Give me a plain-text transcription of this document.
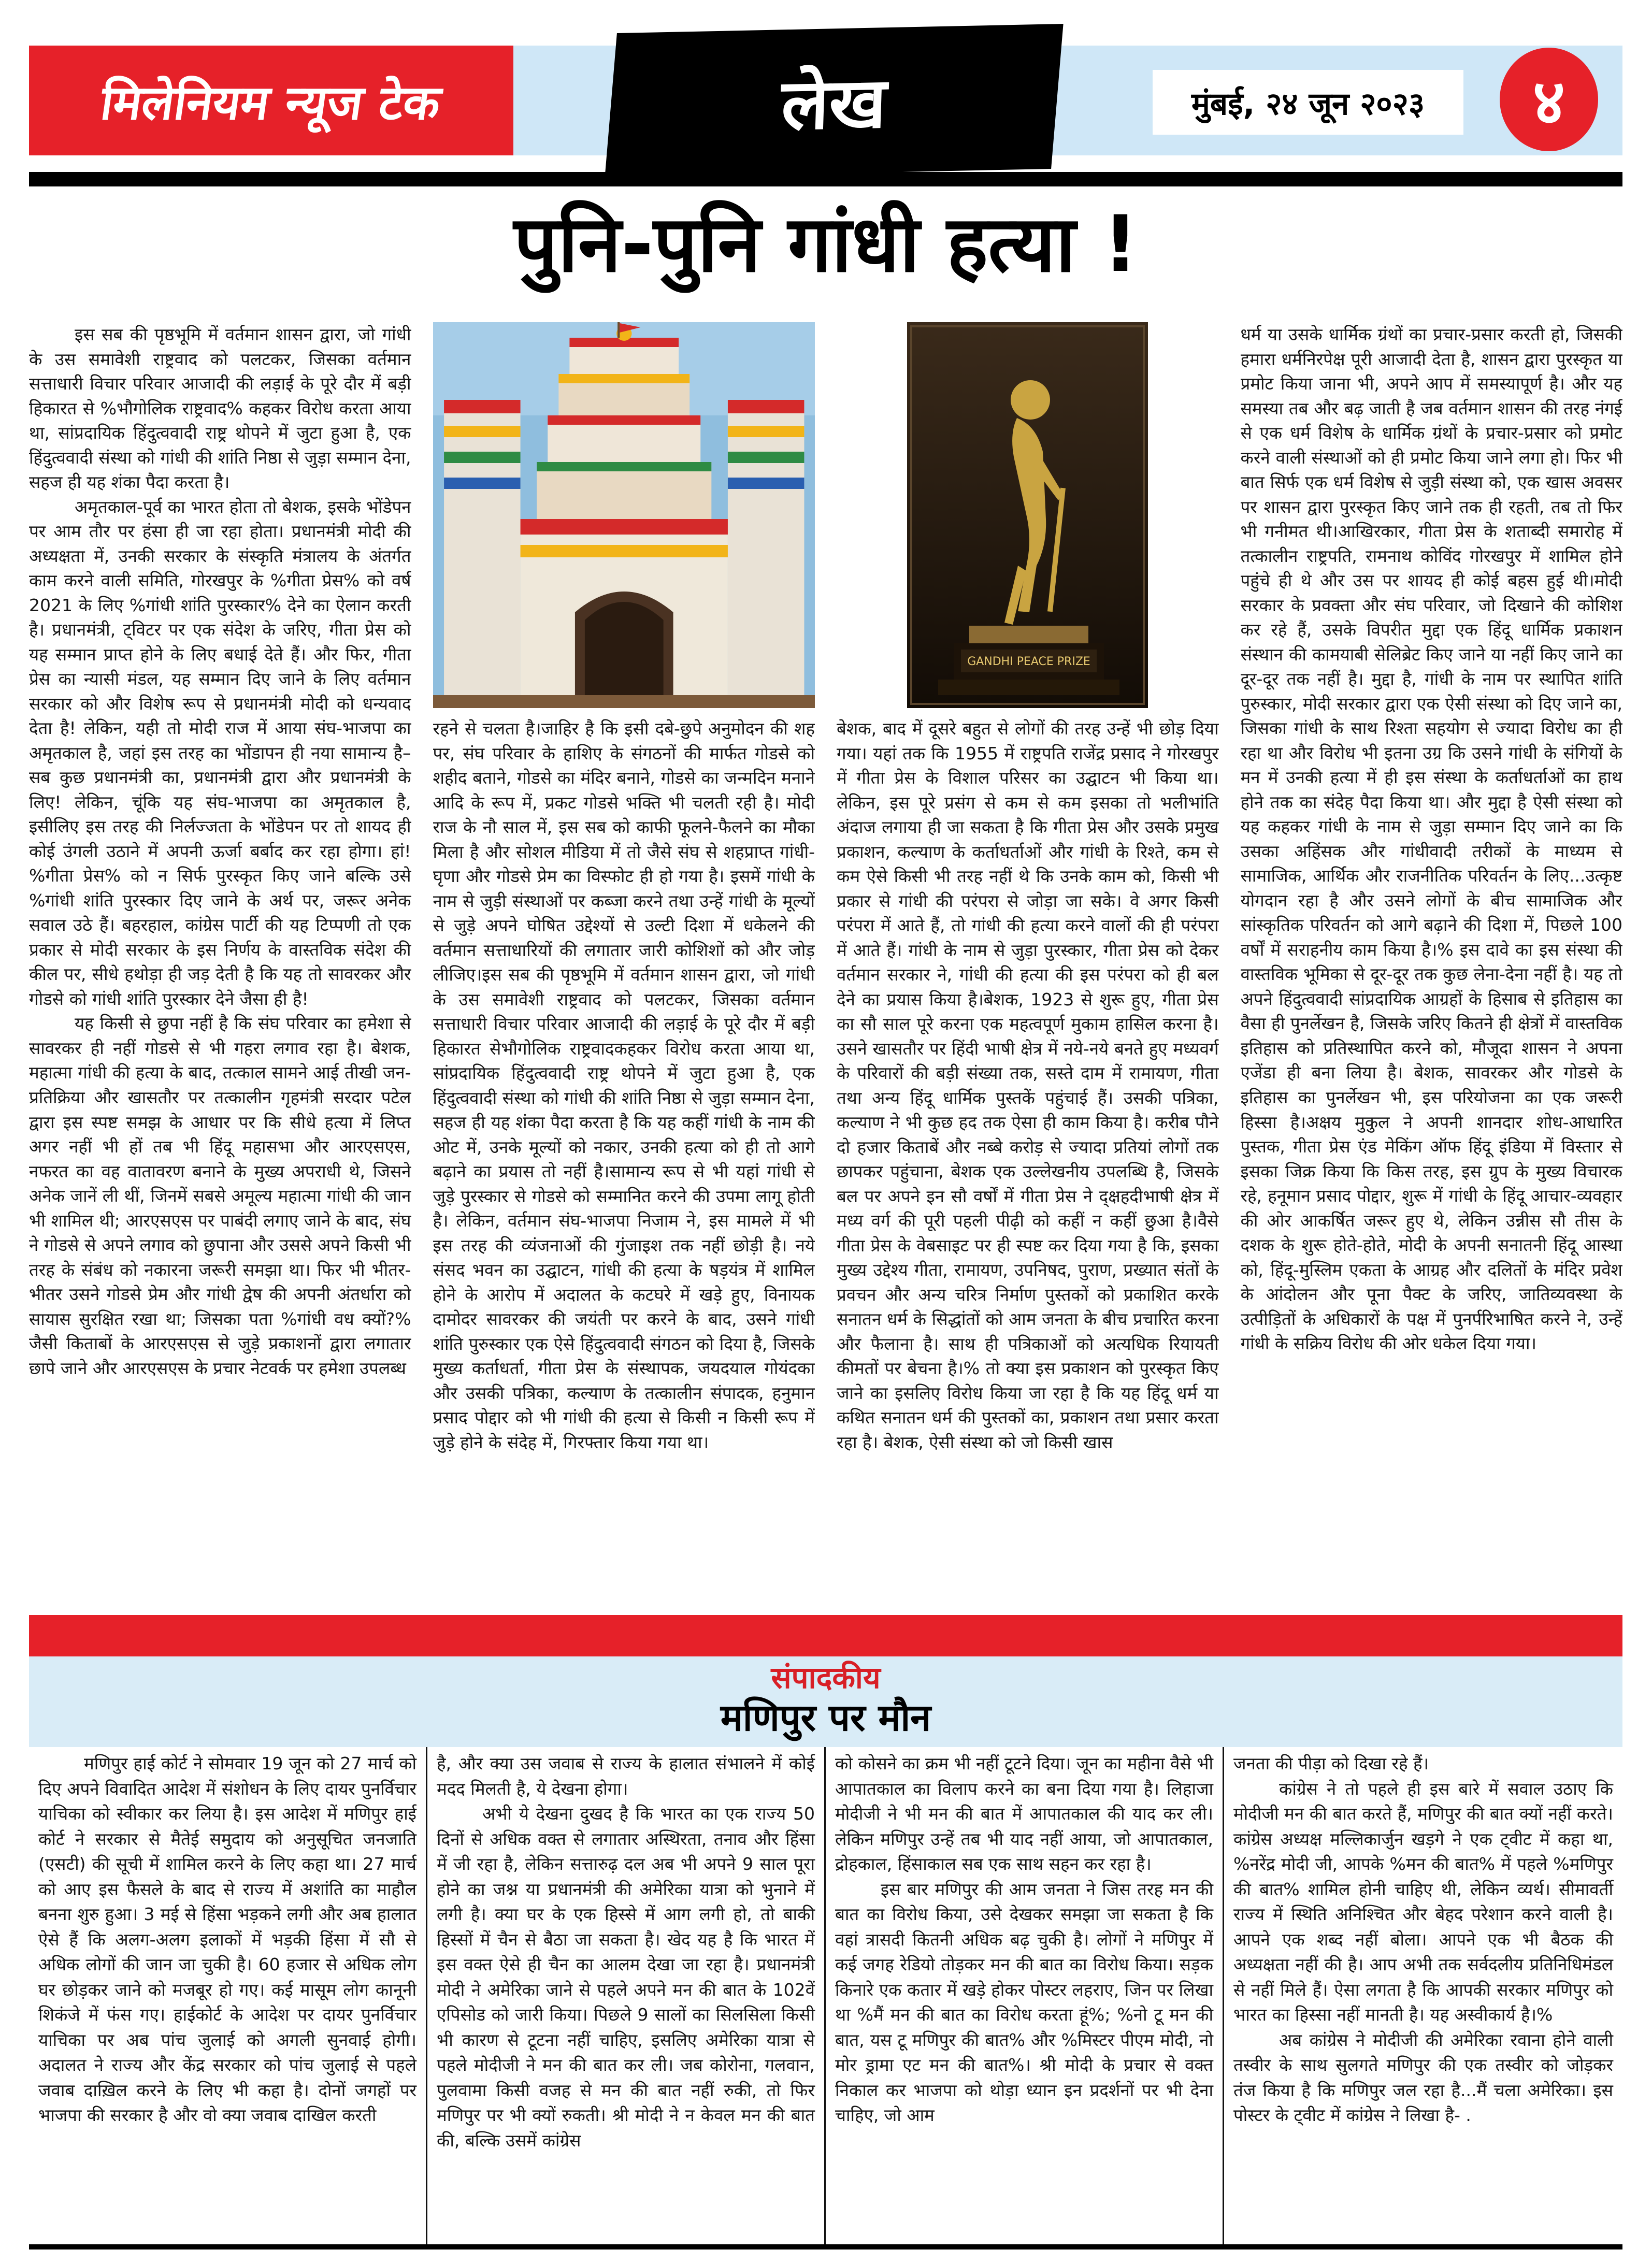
मिलेनियम न्यूज टेक	लेख	मुंबई, २४ जून २०२३ ४
पुनि-पुनि गांधी हत्या !

इस सब की पृष्ठभूमि में वर्तमान शासन द्वारा, जो गांधी के उस समावेशी राष्ट्रवाद को पलटकर, जिसका वर्तमान सत्ताधारी विचार परिवार आजादी की लड़ाई के पूरे दौर में बड़ी हिकारत से %भौगोलिक राष्ट्रवाद% कहकर विरोध करता आया था, सांप्रदायिक हिंदुत्ववादी राष्ट्र थोपने में जुटा हुआ है, एक हिंदुत्ववादी संस्था को गांधी की शांति निष्ठा से जुड़ा सम्मान देना, सहज ही यह शंका पैदा करता है।

अमृतकाल-पूर्व का भारत होता तो बेशक, इसके भोंडेपन पर आम तौर पर हंसा ही जा रहा होता। प्रधानमंत्री मोदी की अध्यक्षता में, उनकी सरकार के संस्कृति मंत्रालय के अंतर्गत काम करने वाली समिति, गोरखपुर के %गीता प्रेस% को वर्ष 2021 के लिए %गांधी शांति पुरस्कार% देने का ऐलान करती है। प्रधानमंत्री, ट्विटर पर एक संदेश के जरिए, गीता प्रेस को यह सम्मान प्राप्त होने के लिए बधाई देते हैं। और फिर, गीता प्रेस का न्यासी मंडल, यह सम्मान दिए जाने के लिए वर्तमान सरकार को और विशेष रूप से प्रधानमंत्री मोदी को धन्यवाद देता है! लेकिन, यही तो मोदी राज में आया संघ-भाजपा का अमृतकाल है, जहां इस तरह का भोंडापन ही नया सामान्य है–सब कुछ प्रधानमंत्री का, प्रधानमंत्री द्वारा और प्रधानमंत्री के लिए! लेकिन, चूंकि यह संघ-भाजपा का अमृतकाल है, इसीलिए इस तरह की निर्लज्जता के भोंडेपन पर तो शायद ही कोई उंगली उठाने में अपनी ऊर्जा बर्बाद कर रहा होगा। हां! %गीता प्रेस% को न सिर्फ पुरस्कृत किए जाने बल्कि उसे %गांधी शांति पुरस्कार दिए जाने के अर्थ पर, जरूर अनेक सवाल उठे हैं। बहरहाल, कांग्रेस पार्टी की यह टिप्पणी तो एक प्रकार से मोदी सरकार के इस निर्णय के वास्तविक संदेश की कील पर, सीधे हथोड़ा ही जड़ देती है कि यह तो सावरकर और गोडसे को गांधी शांति पुरस्कार देने जैसा ही है!

यह किसी से छुपा नहीं है कि संघ परिवार का हमेशा से सावरकर ही नहीं गोडसे से भी गहरा लगाव रहा है। बेशक, महात्मा गांधी की हत्या के बाद, तत्काल सामने आई तीखी जन-प्रतिक्रिया और खासतौर पर तत्कालीन गृहमंत्री सरदार पटेल द्वारा इस स्पष्ट समझ के आधार पर कि सीधे हत्या में लिप्त अगर नहीं भी हों तब भी हिंदू महासभा और आरएसएस, नफरत का वह वातावरण बनाने के मुख्य अपराधी थे, जिसने अनेक जानें ली थीं, जिनमें सबसे अमूल्य महात्मा गांधी की जान भी शामिल थी; आरएसएस पर पाबंदी लगाए जाने के बाद, संघ ने गोडसे से अपने लगाव को छुपाना और उससे अपने किसी भी तरह के संबंध को नकारना जरूरी समझा था। फिर भी भीतर-भीतर उसने गोडसे प्रेम और गांधी द्वेष की अपनी अंतर्धारा को सायास सुरक्षित रखा था; जिसका पता %गांधी वध क्यों?% जैसी किताबों के आरएसएस से जुड़े प्रकाशनों द्वारा लगातार छापे जाने और आरएसएस के प्रचार नेटवर्क पर हमेशा उपलब्ध

रहने से चलता है।जाहिर है कि इसी दबे-छुपे अनुमोदन की शह पर, संघ परिवार के हाशिए के संगठनों की मार्फत गोडसे को शहीद बताने, गोडसे का मंदिर बनाने, गोडसे का जन्मदिन मनाने आदि के रूप में, प्रकट गोडसे भक्ति भी चलती रही है। मोदी राज के नौ साल में, इस सब को काफी फूलने-फैलने का मौका मिला है और सोशल मीडिया में तो जैसे संघ से शहप्राप्त गांधी-घृणा और गोडसे प्रेम का विस्फोट ही हो गया है। इसमें गांधी के नाम से जुड़ी संस्थाओं पर कब्जा करने तथा उन्हें गांधी के मूल्यों से जुड़े अपने घोषित उद्देश्यों से उल्टी दिशा में धकेलने की वर्तमान सत्ताधारियों की लगातार जारी कोशिशों को और जोड़ लीजिए।इस सब की पृष्ठभूमि में वर्तमान शासन द्वारा, जो गांधी के उस समावेशी राष्ट्रवाद को पलटकर, जिसका वर्तमान सत्ताधारी विचार परिवार आजादी की लड़ाई के पूरे दौर में बड़ी हिकारत सेभौगोलिक राष्ट्रवादकहकर विरोध करता आया था, सांप्रदायिक हिंदुत्ववादी राष्ट्र थोपने में जुटा हुआ है, एक हिंदुत्ववादी संस्था को गांधी की शांति निष्ठा से जुड़ा सम्मान देना, सहज ही यह शंका पैदा करता है कि यह कहीं गांधी के नाम की ओट में, उनके मूल्यों को नकार, उनकी हत्या को ही तो आगे बढ़ाने का प्रयास तो नहीं है।सामान्य रूप से भी यहां गांधी से जुड़े पुरस्कार से गोडसे को सम्मानित करने की उपमा लागू होती है। लेकिन, वर्तमान संघ-भाजपा निजाम ने, इस मामले में भी इस तरह की व्यंजनाओं की गुंजाइश तक नहीं छोड़ी है। नये संसद भवन का उद्घाटन, गांधी की हत्या के षड़यंत्र में शामिल होने के आरोप में अदालत के कटघरे में खड़े हुए, विनायक दामोदर सावरकर की जयंती पर करने के बाद, उसने गांधी शांति पुरुस्कार एक ऐसे हिंदुत्ववादी संगठन को दिया है, जिसके मुख्य कर्ताधर्ता, गीता प्रेस के संस्थापक, जयदयाल गोयंदका और उसकी पत्रिका, कल्याण के तत्कालीन संपादक, हनुमान प्रसाद पोद्दार को भी गांधी की हत्या से किसी न किसी रूप में जुड़े होने के संदेह में, गिरफ्तार किया गया था।

GANDHI PEACE PRIZE

बेशक, बाद में दूसरे बहुत से लोगों की तरह उन्हें भी छोड़ दिया गया। यहां तक कि 1955 में राष्ट्रपति राजेंद्र प्रसाद ने गोरखपुर में गीता प्रेस के विशाल परिसर का उद्घाटन भी किया था। लेकिन, इस पूरे प्रसंग से कम से कम इसका तो भलीभांति अंदाज लगाया ही जा सकता है कि गीता प्रेस और उसके प्रमुख प्रकाशन, कल्याण के कर्ताधर्ताओं और गांधी के रिश्ते, कम से कम ऐसे किसी भी तरह नहीं थे कि उनके काम को, किसी भी प्रकार से गांधी की परंपरा से जोड़ा जा सके। वे अगर किसी परंपरा में आते हैं, तो गांधी की हत्या करने वालों की ही परंपरा में आते हैं। गांधी के नाम से जुड़ा पुरस्कार, गीता प्रेस को देकर वर्तमान सरकार ने, गांधी की हत्या की इस परंपरा को ही बल देने का प्रयास किया है।बेशक, 1923 से शुरू हुए, गीता प्रेस का सौ साल पूरे करना एक महत्वपूर्ण मुकाम हासिल करना है। उसने खासतौर पर हिंदी भाषी क्षेत्र में नये-नये बनते हुए मध्यवर्ग के परिवारों की बड़ी संख्या तक, सस्ते दाम में रामायण, गीता तथा अन्य हिंदू धार्मिक पुस्तकें पहुंचाई हैं। उसकी पत्रिका, कल्याण ने भी कुछ हद तक ऐसा ही काम किया है। करीब पौने दो हजार किताबें और नब्बे करोड़ से ज्यादा प्रतियां लोगों तक छापकर पहुंचाना, बेशक एक उल्लेखनीय उपलब्धि है, जिसके बल पर अपने इन सौ वर्षों में गीता प्रेस ने द्क्षहदीभाषी क्षेत्र में मध्य वर्ग की पूरी पहली पीढ़ी को कहीं न कहीं छुआ है।वैसे गीता प्रेस के वेबसाइट पर ही स्पष्ट कर दिया गया है कि, इसका मुख्य उद्देश्य गीता, रामायण, उपनिषद, पुराण, प्रख्यात संतों के प्रवचन और अन्य चरित्र निर्माण पुस्तकों को प्रकाशित करके सनातन धर्म के सिद्धांतों को आम जनता के बीच प्रचारित करना और फैलाना है। साथ ही पत्रिकाओं को अत्यधिक रियायती कीमतों पर बेचना है।% तो क्या इस प्रकाशन को पुरस्कृत किए जाने का इसलिए विरोध किया जा रहा है कि यह हिंदू धर्म या कथित सनातन धर्म की पुस्तकों का, प्रकाशन तथा प्रसार करता रहा है। बेशक, ऐसी संस्था को जो किसी खास

धर्म या उसके धार्मिक ग्रंथों का प्रचार-प्रसार करती हो, जिसकी हमारा धर्मनिरपेक्ष पूरी आजादी देता है, शासन द्वारा पुरस्कृत या प्रमोट किया जाना भी, अपने आप में समस्यापूर्ण है। और यह समस्या तब और बढ़ जाती है जब वर्तमान शासन की तरह नंगई से एक धर्म विशेष के धार्मिक ग्रंथों के प्रचार-प्रसार को प्रमोट करने वाली संस्थाओं को ही प्रमोट किया जाने लगा हो। फिर भी बात सिर्फ एक धर्म विशेष से जुड़ी संस्था को, एक खास अवसर पर शासन द्वारा पुरस्कृत किए जाने तक ही रहती, तब तो फिर भी गनीमत थी।आखिरकार, गीता प्रेस के शताब्दी समारोह में तत्कालीन राष्ट्रपति, रामनाथ कोविंद गोरखपुर में शामिल होने पहुंचे ही थे और उस पर शायद ही कोई बहस हुई थी।मोदी सरकार के प्रवक्ता और संघ परिवार, जो दिखाने की कोशिश कर रहे हैं, उसके विपरीत मुद्दा एक हिंदू धार्मिक प्रकाशन संस्थान की कामयाबी सेलिब्रेट किए जाने या नहीं किए जाने का दूर-दूर तक नहीं है। मुद्दा है, गांधी के नाम पर स्थापित शांति पुरुस्कार, मोदी सरकार द्वारा एक ऐसी संस्था को दिए जाने का, जिसका गांधी के साथ रिश्ता सहयोग से ज्यादा विरोध का ही रहा था और विरोध भी इतना उग्र कि उसने गांधी के संगियों के मन में उनकी हत्या में ही इस संस्था के कर्ताधर्ताओं का हाथ होने तक का संदेह पैदा किया था। और मुद्दा है ऐसी संस्था को यह कहकर गांधी के नाम से जुड़ा सम्मान दिए जाने का कि उसका अहिंसक और गांधीवादी तरीकों के माध्यम से सामाजिक, आर्थिक और राजनीतिक परिवर्तन के लिए...उत्कृष्ट योगदान रहा है और उसने लोगों के बीच सामाजिक और सांस्कृतिक परिवर्तन को आगे बढ़ाने की दिशा में, पिछले 100 वर्षों में सराहनीय काम किया है।% इस दावे का इस संस्था की वास्तविक भूमिका से दूर-दूर तक कुछ लेना-देना नहीं है। यह तो अपने हिंदुत्ववादी सांप्रदायिक आग्रहों के हिसाब से इतिहास का वैसा ही पुनर्लेखन है, जिसके जरिए कितने ही क्षेत्रों में वास्तविक इतिहास को प्रतिस्थापित करने को, मौजूदा शासन ने अपना एजेंडा ही बना लिया है। बेशक, सावरकर और गोडसे के इतिहास का पुनर्लेखन भी, इस परियोजना का एक जरूरी हिस्सा है।अक्षय मुकुल ने अपनी शानदार शोध-आधारित पुस्तक, गीता प्रेस एंड मेकिंग ऑफ हिंदू इंडिया में विस्तार से इसका जिक्र किया कि किस तरह, इस ग्रुप के मुख्य विचारक रहे, हनूमान प्रसाद पोद्दार, शुरू में गांधी के हिंदू आचार-व्यवहार की ओर आकर्षित जरूर हुए थे, लेकिन उन्नीस सौ तीस के दशक के शुरू होते-होते, मोदी के अपनी सनातनी हिंदू आस्था को, हिंदू-मुस्लिम एकता के आग्रह और दलितों के मंदिर प्रवेश के आंदोलन और पूना पैक्ट के जरिए, जातिव्यवस्था के उत्पीड़ितों के अधिकारों के पक्ष में पुनर्परिभाषित करने ने, उन्हें गांधी के सक्रिय विरोध की ओर धकेल दिया गया।

संपादकीय
मणिपुर पर मौन

मणिपुर हाई कोर्ट ने सोमवार 19 जून को 27 मार्च को दिए अपने विवादित आदेश में संशोधन के लिए दायर पुनर्विचार याचिका को स्वीकार कर लिया है। इस आदेश में मणिपुर हाई कोर्ट ने सरकार से मैतेई समुदाय को अनुसूचित जनजाति (एसटी) की सूची में शामिल करने के लिए कहा था। 27 मार्च को आए इस फैसले के बाद से राज्य में अशांति का माहौल बनना शुरु हुआ। 3 मई से हिंसा भड़कने लगी और अब हालात ऐसे हैं कि अलग-अलग इलाकों में भड़की हिंसा में सौ से अधिक लोगों की जान जा चुकी है। 60 हजार से अधिक लोग घर छोड़कर जाने को मजबूर हो गए। कई मासूम लोग कानूनी शिकंजे में फंस गए। हाईकोर्ट के आदेश पर दायर पुनर्विचार याचिका पर अब पांच जुलाई को अगली सुनवाई होगी। अदालत ने राज्य और केंद्र सरकार को पांच जुलाई से पहले जवाब दाख़िल करने के लिए भी कहा है। दोनों जगहों पर भाजपा की सरकार है और वो क्या जवाब दाखिल करती

है, और क्या उस जवाब से राज्य के हालात संभालने में कोई मदद मिलती है, ये देखना होगा।

अभी ये देखना दुखद है कि भारत का एक राज्य 50 दिनों से अधिक वक्त से लगातार अस्थिरता, तनाव और हिंसा में जी रहा है, लेकिन सत्तारुढ़ दल अब भी अपने 9 साल पूरा होने का जश्न या प्रधानमंत्री की अमेरिका यात्रा को भुनाने में लगी है। क्या घर के एक हिस्से में आग लगी हो, तो बाकी हिस्सों में चैन से बैठा जा सकता है। खेद यह है कि भारत में इस वक्त ऐसे ही चैन का आलम देखा जा रहा है। प्रधानमंत्री मोदी ने अमेरिका जाने से पहले अपने मन की बात के 102वें एपिसोड को जारी किया। पिछले 9 सालों का सिलसिला किसी भी कारण से टूटना नहीं चाहिए, इसलिए अमेरिका यात्रा से पहले मोदीजी ने मन की बात कर ली। जब कोरोना, गलवान, पुलवामा किसी वजह से मन की बात नहीं रुकी, तो फिर मणिपुर पर भी क्यों रुकती। श्री मोदी ने न केवल मन की बात की, बल्कि उसमें कांग्रेस

को कोसने का क्रम भी नहीं टूटने दिया। जून का महीना वैसे भी आपातकाल का विलाप करने का बना दिया गया है। लिहाजा मोदीजी ने भी मन की बात में आपातकाल की याद कर ली। लेकिन मणिपुर उन्हें तब भी याद नहीं आया, जो आपातकाल, द्रोहकाल, हिंसाकाल सब एक साथ सहन कर रहा है।

इस बार मणिपुर की आम जनता ने जिस तरह मन की बात का विरोध किया, उसे देखकर समझा जा सकता है कि वहां त्रासदी कितनी अधिक बढ़ चुकी है। लोगों ने मणिपुर में कई जगह रेडियो तोड़कर मन की बात का विरोध किया। सड़क किनारे एक कतार में खड़े होकर पोस्टर लहराए, जिन पर लिखा था %मैं मन की बात का विरोध करता हूं%; %नो टू मन की बात, यस टू मणिपुर की बात% और %मिस्टर पीएम मोदी, नो मोर ड्रामा एट मन की बात%। श्री मोदी के प्रचार से वक्त निकाल कर भाजपा को थोड़ा ध्यान इन प्रदर्शनों पर भी देना चाहिए, जो आम

जनता की पीड़ा को दिखा रहे हैं।

कांग्रेस ने तो पहले ही इस बारे में सवाल उठाए कि मोदीजी मन की बात करते हैं, मणिपुर की बात क्यों नहीं करते। कांग्रेस अध्यक्ष मल्लिकार्जुन खड़गे ने एक ट्वीट में कहा था, %नरेंद्र मोदी जी, आपके %मन की बात% में पहले %मणिपुर की बात% शामिल होनी चाहिए थी, लेकिन व्यर्थ। सीमावर्ती राज्य में स्थिति अनिश्चित और बेहद परेशान करने वाली है। आपने एक शब्द नहीं बोला। आपने एक भी बैठक की अध्यक्षता नहीं की है। आप अभी तक सर्वदलीय प्रतिनिधिमंडल से नहीं मिले हैं। ऐसा लगता है कि आपकी सरकार मणिपुर को भारत का हिस्सा नहीं मानती है। यह अस्वीकार्य है।%

अब कांग्रेस ने मोदीजी की अमेरिका रवाना होने वाली तस्वीर के साथ सुलगते मणिपुर की एक तस्वीर को जोड़कर तंज किया है कि मणिपुर जल रहा है...मैं चला अमेरिका। इस पोस्टर के ट्वीट में कांग्रेस ने लिखा है- .
